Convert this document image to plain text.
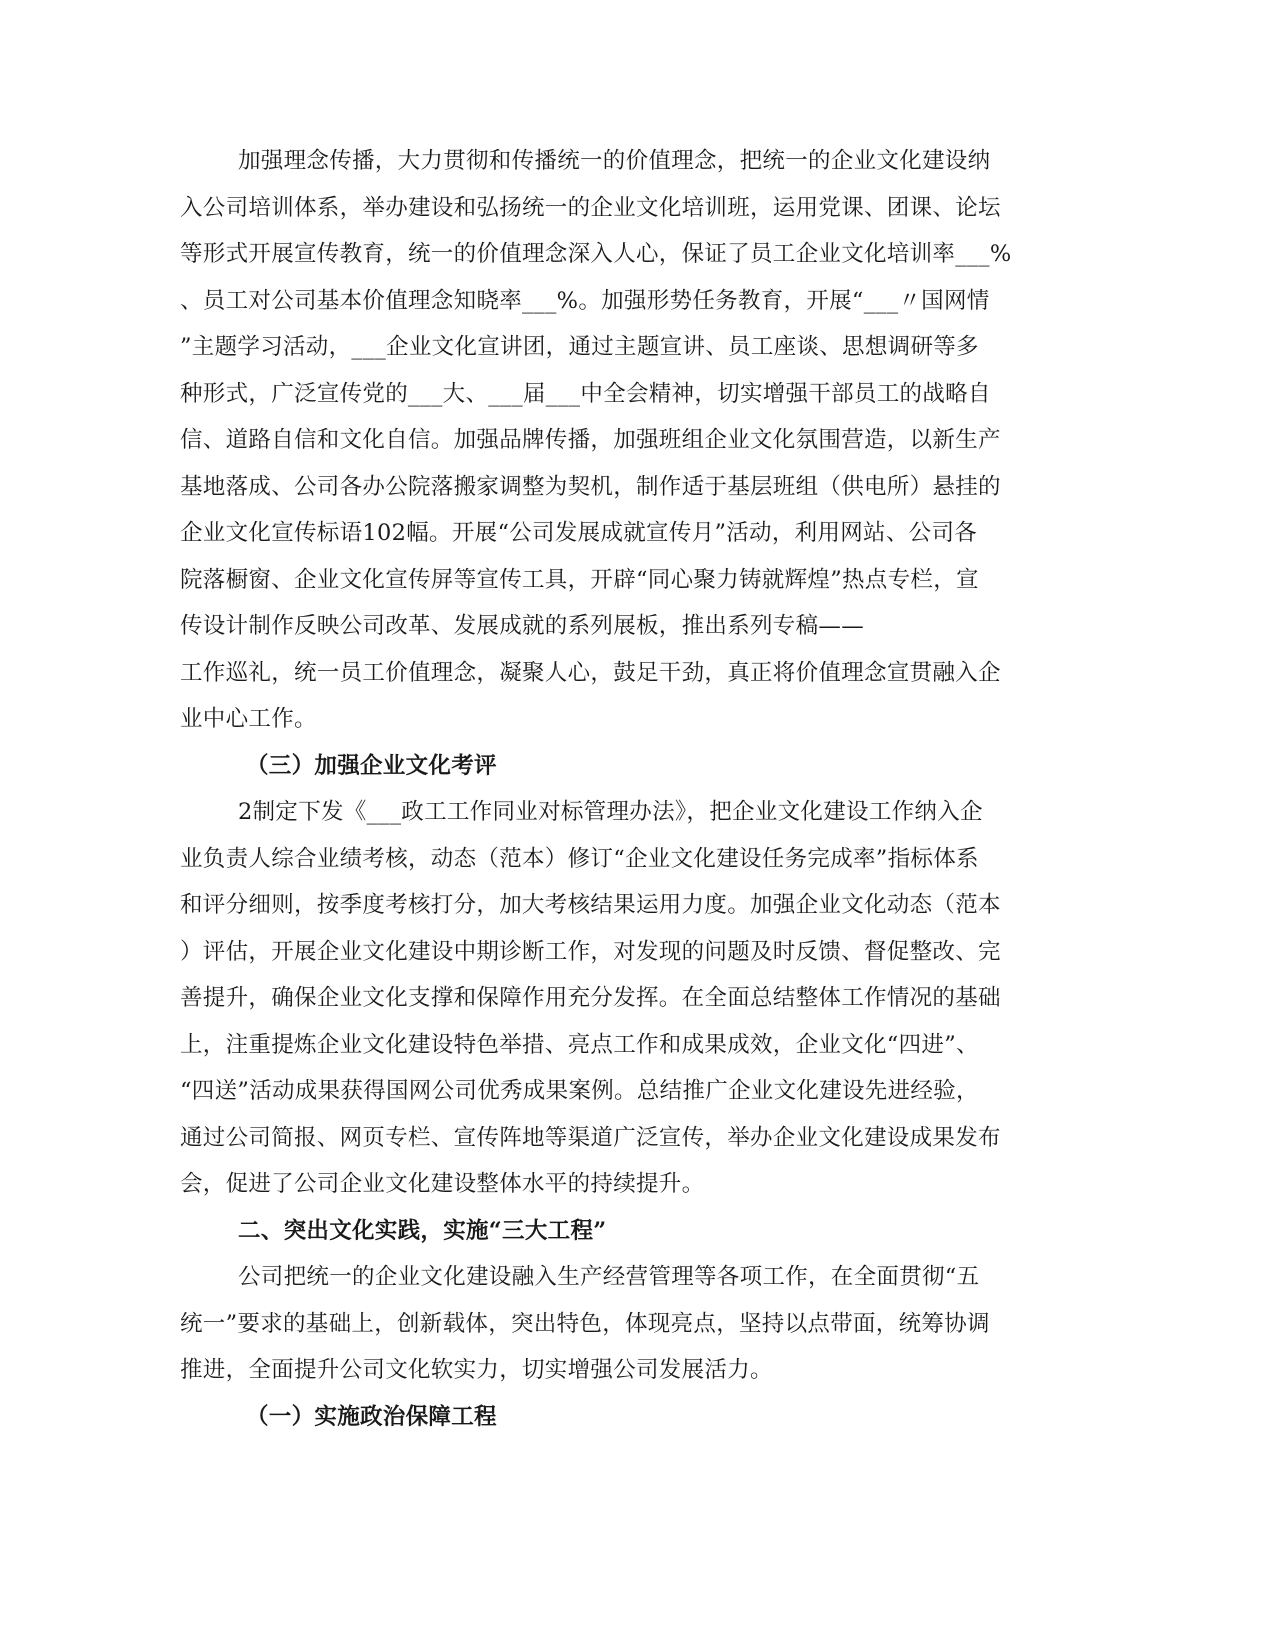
加强理念传播，大力贯彻和传播统一的价值理念，把统一的企业文化建设纳
入公司培训体系，举办建设和弘扬统一的企业文化培训班，运用党课、团课、论坛
等形式开展宣传教育，统一的价值理念深入人心，保证了员工企业文化培训率___%
、员工对公司基本价值理念知晓率___%。加强形势任务教育，开展“___〃国网情
”主题学习活动，___企业文化宣讲团，通过主题宣讲、员工座谈、思想调研等多
种形式，广泛宣传党的___大、___届___中全会精神，切实增强干部员工的战略自
信、道路自信和文化自信。加强品牌传播，加强班组企业文化氛围营造，以新生产
基地落成、公司各办公院落搬家调整为契机，制作适于基层班组（供电所）悬挂的
企业文化宣传标语102幅。开展“公司发展成就宣传月”活动，利用网站、公司各
院落橱窗、企业文化宣传屏等宣传工具，开辟“同心聚力铸就辉煌”热点专栏，宣
传设计制作反映公司改革、发展成就的系列展板，推出系列专稿——
工作巡礼，统一员工价值理念，凝聚人心，鼓足干劲，真正将价值理念宣贯融入企
业中心工作。

（三）加强企业文化考评

2制定下发《___政工工作同业对标管理办法》，把企业文化建设工作纳入企
业负责人综合业绩考核，动态（范本）修订“企业文化建设任务完成率”指标体系
和评分细则，按季度考核打分，加大考核结果运用力度。加强企业文化动态（范本
）评估，开展企业文化建设中期诊断工作，对发现的问题及时反馈、督促整改、完
善提升，确保企业文化支撑和保障作用充分发挥。在全面总结整体工作情况的基础
上，注重提炼企业文化建设特色举措、亮点工作和成果成效，企业文化“四进”、
“四送”活动成果获得国网公司优秀成果案例。总结推广企业文化建设先进经验，
通过公司简报、网页专栏、宣传阵地等渠道广泛宣传，举办企业文化建设成果发布
会，促进了公司企业文化建设整体水平的持续提升。

二、突出文化实践，实施“三大工程”

公司把统一的企业文化建设融入生产经营管理等各项工作，在全面贯彻“五
统一”要求的基础上，创新载体，突出特色，体现亮点，坚持以点带面，统筹协调
推进，全面提升公司文化软实力，切实增强公司发展活力。

（一）实施政治保障工程
